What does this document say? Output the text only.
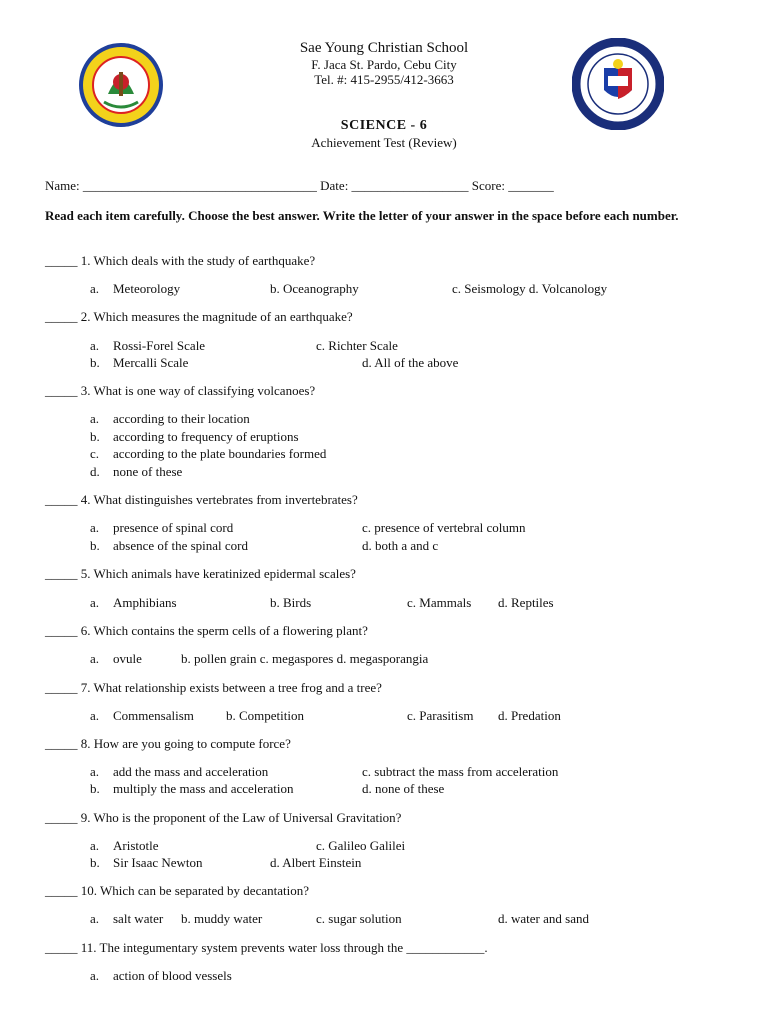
Sae Young Christian School
F. Jaca St. Pardo, Cebu City
Tel. #: 415-2955/412-3663
SCIENCE - 6
Achievement Test (Review)
Name: ____________________________________ Date: __________________ Score: _______
Read each item carefully. Choose the best answer. Write the letter of your answer in the space before each number.
_____ 1. Which deals with the study of earthquake?
a. Meteorology	b. Oceanography	c. Seismology d. Volcanology
_____ 2. Which measures the magnitude of an earthquake?
a. Rossi-Forel Scale	c. Richter Scale
b. Mercalli Scale	d. All of the above
_____ 3. What is one way of classifying volcanoes?
a. according to their location
b. according to frequency of eruptions
c. according to the plate boundaries formed
d. none of these
_____ 4. What distinguishes vertebrates from invertebrates?
a. presence of spinal cord	c. presence of vertebral column
b. absence of the spinal cord	d. both a and c
_____ 5. Which animals have keratinized epidermal scales?
a. Amphibians	b. Birds	c. Mammals d. Reptiles
_____ 6. Which contains the sperm cells of a flowering plant?
a. ovule	b. pollen grain c. megaspores d. megasporangia
_____ 7. What relationship exists between a tree frog and a tree?
a. Commensalism b. Competition	c. Parasitism d. Predation
_____ 8. How are you going to compute force?
a. add the mass and acceleration	c. subtract the mass from acceleration
b. multiply the mass and acceleration	d. none of these
_____ 9. Who is the proponent of the Law of Universal Gravitation?
a. Aristotle	c. Galileo Galilei
b. Sir Isaac Newton	d. Albert Einstein
_____ 10. Which can be separated by decantation?
a. salt water b. muddy water	c. sugar solution	d. water and sand
_____ 11. The integumentary system prevents water loss through the ____________.
a. action of blood vessels
